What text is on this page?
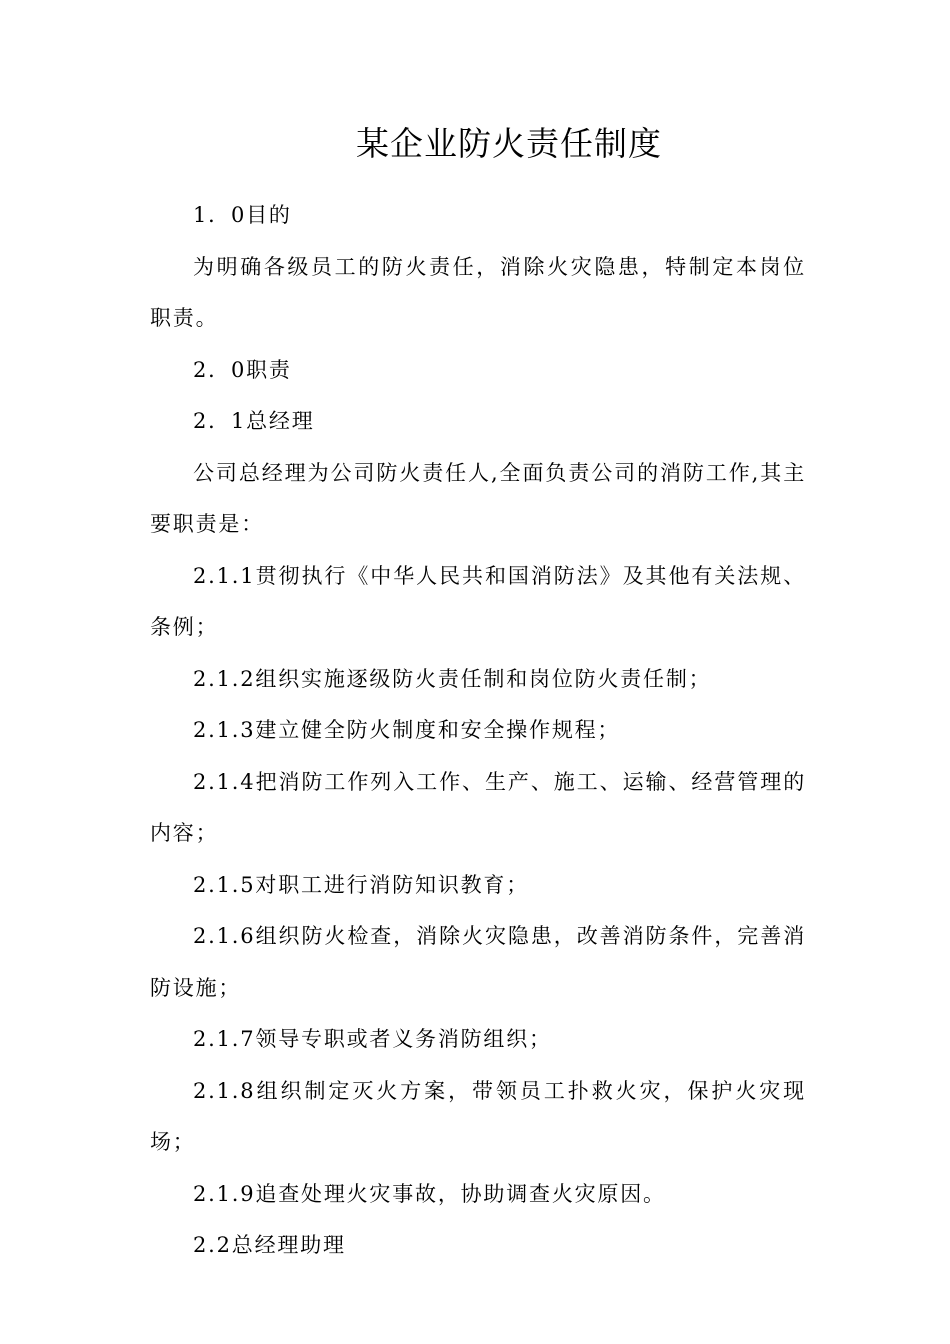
某企业防火责任制度

1．0目的

为明确各级员工的防火责任，消除火灾隐患，特制定本岗位职责。

2．0职责

2．1总经理

公司总经理为公司防火责任人,全面负责公司的消防工作,其主要职责是：

2.1.1贯彻执行《中华人民共和国消防法》及其他有关法规、条例；

2.1.2组织实施逐级防火责任制和岗位防火责任制；

2.1.3建立健全防火制度和安全操作规程；

2.1.4把消防工作列入工作、生产、施工、运输、经营管理的内容；

2.1.5对职工进行消防知识教育；

2.1.6组织防火检查，消除火灾隐患，改善消防条件，完善消防设施；

2.1.7领导专职或者义务消防组织；

2.1.8组织制定灭火方案，带领员工扑救火灾，保护火灾现场；

2.1.9追查处理火灾事故，协助调查火灾原因。

2.2总经理助理
